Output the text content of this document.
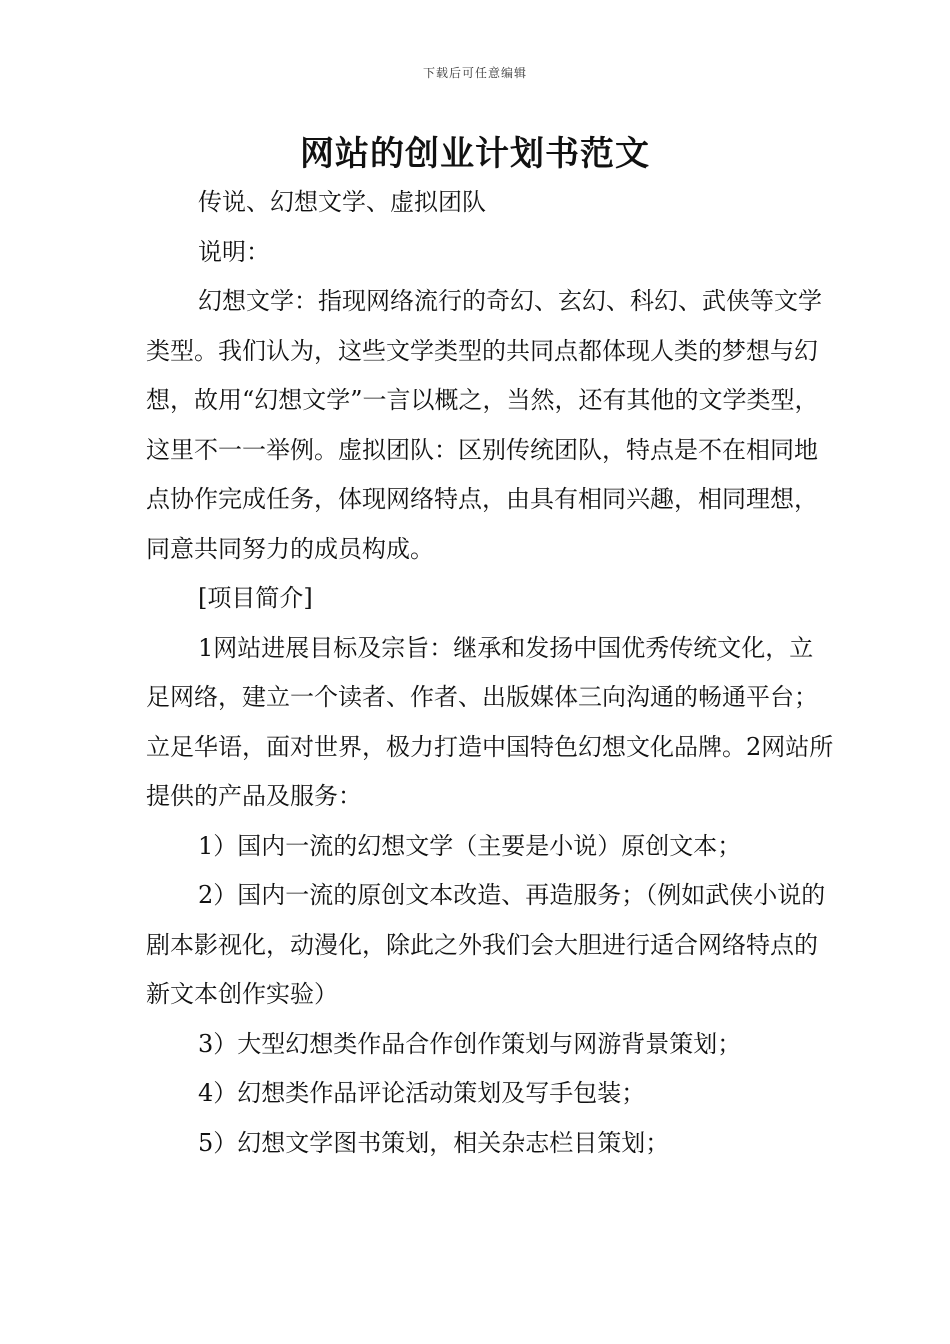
下载后可任意编辑
网站的创业计划书范文

传说、幻想文学、虚拟团队

说明：

幻想文学：指现网络流行的奇幻、玄幻、科幻、武侠等文学类型。我们认为，这些文学类型的共同点都体现人类的梦想与幻想，故用“幻想文学”一言以概之，当然，还有其他的文学类型，这里不一一举例。虚拟团队：区别传统团队，特点是不在相同地点协作完成任务，体现网络特点，由具有相同兴趣，相同理想，同意共同努力的成员构成。

[项目简介]

1网站进展目标及宗旨：继承和发扬中国优秀传统文化，立足网络，建立一个读者、作者、出版媒体三向沟通的畅通平台；立足华语，面对世界，极力打造中国特色幻想文化品牌。2网站所提供的产品及服务：

1）国内一流的幻想文学（主要是小说）原创文本；

2）国内一流的原创文本改造、再造服务；（例如武侠小说的剧本影视化，动漫化，除此之外我们会大胆进行适合网络特点的新文本创作实验）

3）大型幻想类作品合作创作策划与网游背景策划；

4）幻想类作品评论活动策划及写手包装；

5）幻想文学图书策划，相关杂志栏目策划；
